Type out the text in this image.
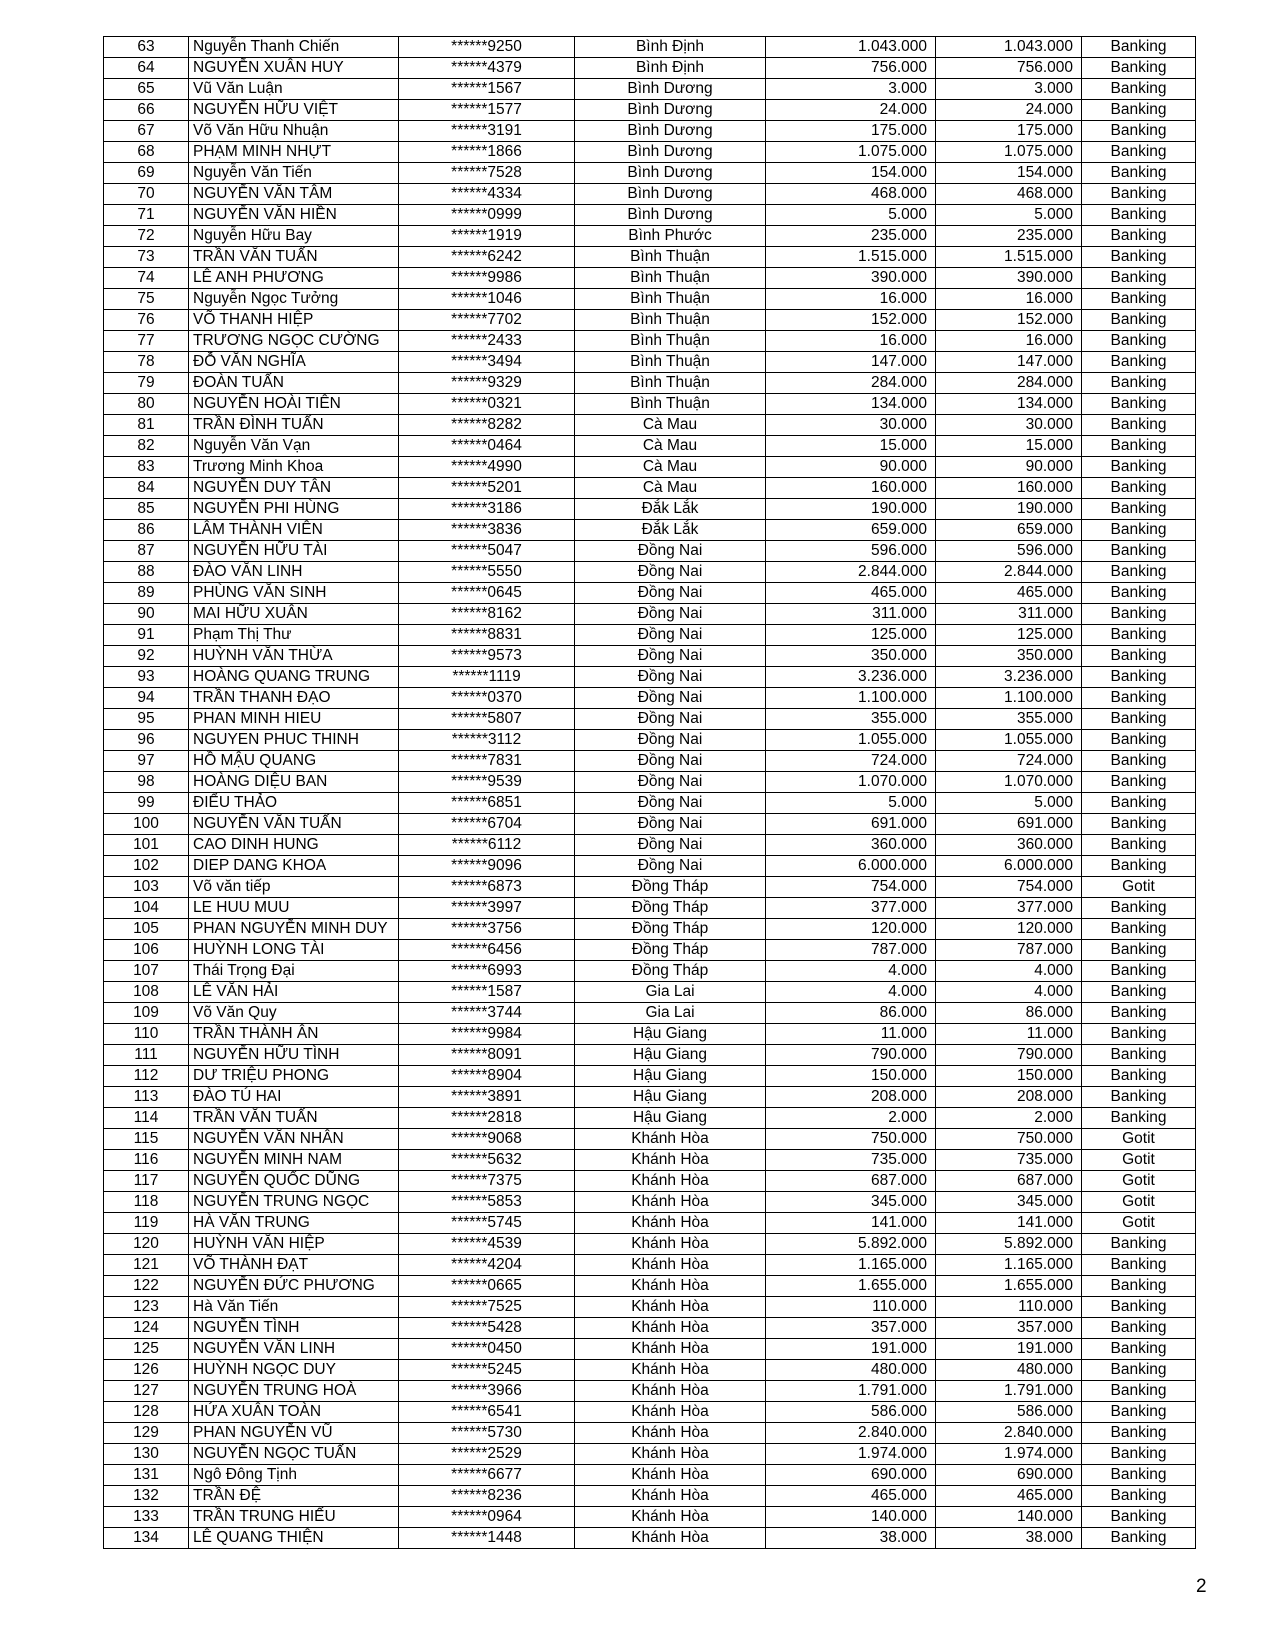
63	Nguyễn Thanh Chiến	******9250	Bình Định	1.043.000	1.043.000	Banking
64	NGUYỄN XUÂN HUY	******4379	Bình Định	756.000	756.000	Banking
65	Vũ Văn Luận	******1567	Bình Dương	3.000	3.000	Banking
66	NGUYỄN HỮU VIỆT	******1577	Bình Dương	24.000	24.000	Banking
67	Võ Văn Hữu Nhuận	******3191	Bình Dương	175.000	175.000	Banking
68	PHẠM MINH NHỰT	******1866	Bình Dương	1.075.000	1.075.000	Banking
69	Nguyễn Văn Tiến	******7528	Bình Dương	154.000	154.000	Banking
70	NGUYỄN VĂN TÂM	******4334	Bình Dương	468.000	468.000	Banking
71	NGUYỄN VĂN HIỀN	******0999	Bình Dương	5.000	5.000	Banking
72	Nguyễn Hữu Bay	******1919	Bình Phước	235.000	235.000	Banking
73	TRẦN VĂN TUẤN	******6242	Bình Thuận	1.515.000	1.515.000	Banking
74	LÊ ANH PHƯƠNG	******9986	Bình Thuận	390.000	390.000	Banking
75	Nguyễn Ngọc Tưởng	******1046	Bình Thuận	16.000	16.000	Banking
76	VÕ THANH HIỆP	******7702	Bình Thuận	152.000	152.000	Banking
77	TRƯƠNG NGỌC CƯỜNG	******2433	Bình Thuận	16.000	16.000	Banking
78	ĐỖ VĂN NGHĨA	******3494	Bình Thuận	147.000	147.000	Banking
79	ĐOÀN TUẤN	******9329	Bình Thuận	284.000	284.000	Banking
80	NGUYỄN HOÀI TIÊN	******0321	Bình Thuận	134.000	134.000	Banking
81	TRẦN ĐÌNH TUẤN	******8282	Cà Mau	30.000	30.000	Banking
82	Nguyễn Văn Vạn	******0464	Cà Mau	15.000	15.000	Banking
83	Trương Minh Khoa	******4990	Cà Mau	90.000	90.000	Banking
84	NGUYỄN DUY TÂN	******5201	Cà Mau	160.000	160.000	Banking
85	NGUYỄN PHI HÙNG	******3186	Đắk Lắk	190.000	190.000	Banking
86	LÂM THÀNH VIÊN	******3836	Đắk Lắk	659.000	659.000	Banking
87	NGUYỄN HỮU TÀI	******5047	Đồng Nai	596.000	596.000	Banking
88	ĐÀO VĂN LINH	******5550	Đồng Nai	2.844.000	2.844.000	Banking
89	PHÙNG VĂN SINH	******0645	Đồng Nai	465.000	465.000	Banking
90	MAI HỮU XUÂN	******8162	Đồng Nai	311.000	311.000	Banking
91	Phạm Thị Thư	******8831	Đồng Nai	125.000	125.000	Banking
92	HUỲNH VĂN THỪA	******9573	Đồng Nai	350.000	350.000	Banking
93	HOÀNG QUANG TRUNG	******1119	Đồng Nai	3.236.000	3.236.000	Banking
94	TRẦN THANH ĐẠO	******0370	Đồng Nai	1.100.000	1.100.000	Banking
95	PHAN MINH HIEU	******5807	Đồng Nai	355.000	355.000	Banking
96	NGUYEN PHUC THINH	******3112	Đồng Nai	1.055.000	1.055.000	Banking
97	HỒ MẬU QUANG	******7831	Đồng Nai	724.000	724.000	Banking
98	HOÀNG DIỆU BAN	******9539	Đồng Nai	1.070.000	1.070.000	Banking
99	ĐIỂU THẢO	******6851	Đồng Nai	5.000	5.000	Banking
100	NGUYỄN VĂN TUẤN	******6704	Đồng Nai	691.000	691.000	Banking
101	CAO DINH HUNG	******6112	Đồng Nai	360.000	360.000	Banking
102	DIEP DANG KHOA	******9096	Đồng Nai	6.000.000	6.000.000	Banking
103	Võ văn tiếp	******6873	Đồng Tháp	754.000	754.000	Gotit
104	LE HUU MUU	******3997	Đồng Tháp	377.000	377.000	Banking
105	PHAN NGUYỄN MINH DUY	******3756	Đồng Tháp	120.000	120.000	Banking
106	HUỲNH LONG TÀI	******6456	Đồng Tháp	787.000	787.000	Banking
107	Thái Trọng Đại	******6993	Đồng Tháp	4.000	4.000	Banking
108	LÊ VĂN HẢI	******1587	Gia Lai	4.000	4.000	Banking
109	Võ Văn Quy	******3744	Gia Lai	86.000	86.000	Banking
110	TRẦN THÀNH ÂN	******9984	Hậu Giang	11.000	11.000	Banking
111	NGUYỄN HỮU TÌNH	******8091	Hậu Giang	790.000	790.000	Banking
112	DƯ TRIỆU PHONG	******8904	Hậu Giang	150.000	150.000	Banking
113	ĐÀO TÚ HAI	******3891	Hậu Giang	208.000	208.000	Banking
114	TRẦN VĂN TUẤN	******2818	Hậu Giang	2.000	2.000	Banking
115	NGUYỄN VĂN NHÂN	******9068	Khánh Hòa	750.000	750.000	Gotit
116	NGUYỄN MINH NAM	******5632	Khánh Hòa	735.000	735.000	Gotit
117	NGUYỄN QUỐC DŨNG	******7375	Khánh Hòa	687.000	687.000	Gotit
118	NGUYỄN TRUNG NGỌC	******5853	Khánh Hòa	345.000	345.000	Gotit
119	HÀ VĂN TRUNG	******5745	Khánh Hòa	141.000	141.000	Gotit
120	HUỲNH VĂN HIỆP	******4539	Khánh Hòa	5.892.000	5.892.000	Banking
121	VÕ THÀNH ĐẠT	******4204	Khánh Hòa	1.165.000	1.165.000	Banking
122	NGUYỄN ĐỨC PHƯƠNG	******0665	Khánh Hòa	1.655.000	1.655.000	Banking
123	Hà Văn Tiến	******7525	Khánh Hòa	110.000	110.000	Banking
124	NGUYỄN TÌNH	******5428	Khánh Hòa	357.000	357.000	Banking
125	NGUYỄN VĂN LINH	******0450	Khánh Hòa	191.000	191.000	Banking
126	HUỲNH NGỌC DUY	******5245	Khánh Hòa	480.000	480.000	Banking
127	NGUYỄN TRUNG HOÀ	******3966	Khánh Hòa	1.791.000	1.791.000	Banking
128	HỨA XUÂN TOÀN	******6541	Khánh Hòa	586.000	586.000	Banking
129	PHAN NGUYỄN VŨ	******5730	Khánh Hòa	2.840.000	2.840.000	Banking
130	NGUYỄN NGỌC TUẤN	******2529	Khánh Hòa	1.974.000	1.974.000	Banking
131	Ngô Đông Tịnh	******6677	Khánh Hòa	690.000	690.000	Banking
132	TRẦN ĐỆ	******8236	Khánh Hòa	465.000	465.000	Banking
133	TRẦN TRUNG HIẾU	******0964	Khánh Hòa	140.000	140.000	Banking
134	LÊ QUANG THIỆN	******1448	Khánh Hòa	38.000	38.000	Banking
2
